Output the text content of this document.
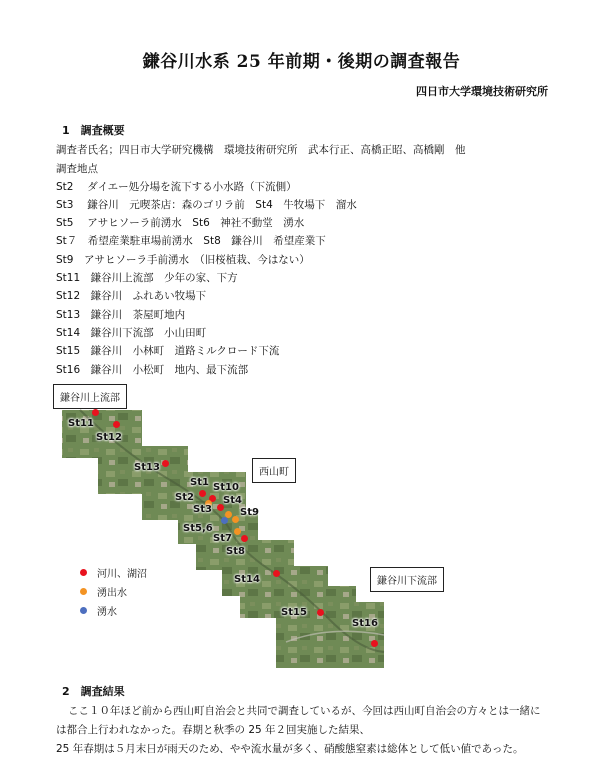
鎌谷川水系 25 年前期・後期の調査報告
四日市大学環境技術研究所
1　調査概要
調査者氏名；四日市大学研究機構　環境技術研究所　武本行正、高橋正昭、高橋剛　他
調査地点
St2　 ダイエー処分場を流下する小水路（下流側）
St3　 鎌谷川　元喫茶店：森のゴリラ前　St4　牛牧場下　溜水
St5　 アサヒソーラ前湧水　St6　神社不動堂　湧水
St７　希望産業駐車場前湧水　St8　鎌谷川　希望産業下
St9　アサヒソーラ手前湧水　（旧桜植栽、今はない）
St11　鎌谷川上流部　少年の家、下方
St12　鎌谷川　ふれあい牧場下
St13　鎌谷川　茶屋町地内
St14　鎌谷川下流部　小山田町
St15　鎌谷川　小林町　道路ミルクロード下流
St16　鎌谷川　小松町　地内、最下流部
鎌谷川上流部
西山町
鎌谷川下流部
St11
St12
St13
St1 St10
St2	St4
St3	St9
St5,6
St7
St8
St14
St15
St16
河川、湖沼
湧出水
湧水
2　調査結果
ここ１０年ほど前から西山町自治会と共同で調査しているが、今回は西山町自治会の方々とは一緒に
は都合上行われなかった。春期と秋季の 25 年２回実施した結果、
25 年春期は５月末日が雨天のため、やや流水量が多く、硝酸態窒素は総体として低い値であった。
